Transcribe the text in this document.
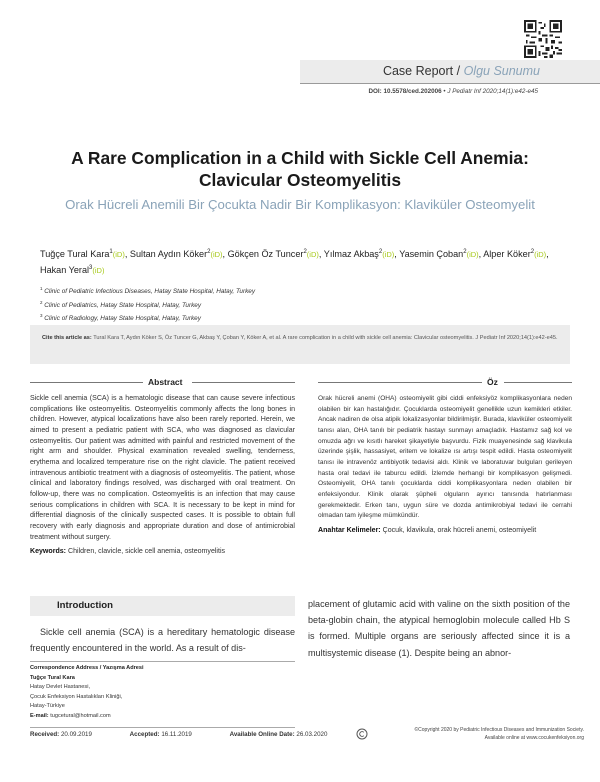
Case Report / Olgu Sunumu
DOI: 10.5578/ced.202006 • J Pediatr Inf 2020;14(1):e42-e45
A Rare Complication in a Child with Sickle Cell Anemia: Clavicular Osteomyelitis
Orak Hücreli Anemili Bir Çocukta Nadir Bir Komplikasyon: Klaviküler Osteomyelit
Tuğçe Tural Kara$^1$(iD), Sultan Aydın Köker$^2$(iD), Gökçen Öz Tuncer$^2$(iD), Yılmaz Akbaş$^2$(iD), Yasemin Çoban$^2$(iD), Alper Köker$^2$(iD), Hakan Yeral$^3$(iD)
$^1$ Clinic of Pediatric Infectious Diseases, Hatay State Hospital, Hatay, Turkey
$^2$ Clinic of Pediatrics, Hatay State Hospital, Hatay, Turkey
$^3$ Clinic of Radiology, Hatay State Hospital, Hatay, Turkey
Cite this article as: Tural Kara T, Aydın Köker S, Öz Tuncer G, Akbaş Y, Çoban Y, Köker A, et al. A rare complication in a child with sickle cell anemia: Clavicular osteomyelitis. J Pediatr Inf 2020;14(1):e42-e45.
Abstract	Öz

Sickle cell anemia (SCA) is a hematologic disease that can cause severe infectious complications like osteomyelitis. Osteomyelitis commonly affects the long bones in children. However, atypical localizations have also been rarely reported. Herein, we aimed to present a pediatric patient with SCA, who was diagnosed as clavicular osteomyelitis. Our patient was admitted with painful and restricted movement of the right arm and shoulder. Physical examination revealed swelling, tenderness, erythema and localized temperature rise on the right clavicle. The patient received intravenous antibiotic treatment with a diagnosis of osteomyelitis. The patient, whose clinical and laboratory findings resolved, was discharged with oral treatment. On follow-up, there was no complication. Osteomyelitis is an infection that may cause serious complications in children with SCA. It is necessary to be kept in mind for differential diagnosis of the clinically suspected cases. It is possible to obtain full recovery with early diagnosis and appropriate duration and dose of antimicrobial treatment without surgery.

Keywords: Children, clavicle, sickle cell anemia, osteomyelitis

Orak hücreli anemi (OHA) osteomiyelit gibi ciddi enfeksiyöz komplikasyonlara neden olabilen bir kan hastalığıdır. Çocuklarda osteomiyelit genellikle uzun kemikleri etkiler. Ancak nadiren de olsa atipik lokalizasyonlar bildirilmiştir. Burada, klaviküler osteomiyelit tanısı alan, OHA tanılı bir pediatrik hastayı sunmayı amaçladık. Hastamız sağ kol ve omuzda ağrı ve kısıtlı hareket şikayetiyle başvurdu. Fizik muayenesinde sağ klavikula üzerinde şişlik, hassasiyet, eritem ve lokalize ısı artışı tespit edildi. Hasta osteomiyelit tanısı ile intravenöz antibiyotik tedavisi aldı. Klinik ve laboratuvar bulguları gerileyen hasta oral tedavi ile taburcu edildi. İzlemde herhangi bir komplikasyon gelişmedi. Osteomiyelit, OHA tanılı çocuklarda ciddi komplikasyonlara neden olabilen bir enfeksiyondur. Klinik olarak şüpheli olguların ayırıcı tanısında hatırlanması gerekmektedir. Erken tanı, uygun süre ve dozda antimikrobiyal tedavi ile cerrahi olmadan tam iyileşme mümkündür.

Anahtar Kelimeler: Çocuk, klavikula, orak hücreli anemi, osteomiyelit

Introduction
Sickle cell anemia (SCA) is a hereditary hematologic disease frequently encountered in the world. As a result of dis-
placement of glutamic acid with valine on the sixth position of the beta-globin chain, the atypical hemoglobin molecule called Hb S is formed. Multiple organs are seriously affected since it is a multisystemic disease (1). Despite being an abnor-
Correspondence Address / Yazışma Adresi
Tuğçe Tural Kara
Hatay Devlet Hastanesi,
Çocuk Enfeksiyon Hastalıkları Kliniği,
Hatay-Türkiye
E-mail: tugcetural@hotmail.com
Received: 20.09.2019	Accepted: 16.11.2019	Available Online Date: 26.03.2020
©Copyright 2020 by Pediatric Infectious Diseases and Immunization Society.
Available online at www.cocukenfeksiyon.org
